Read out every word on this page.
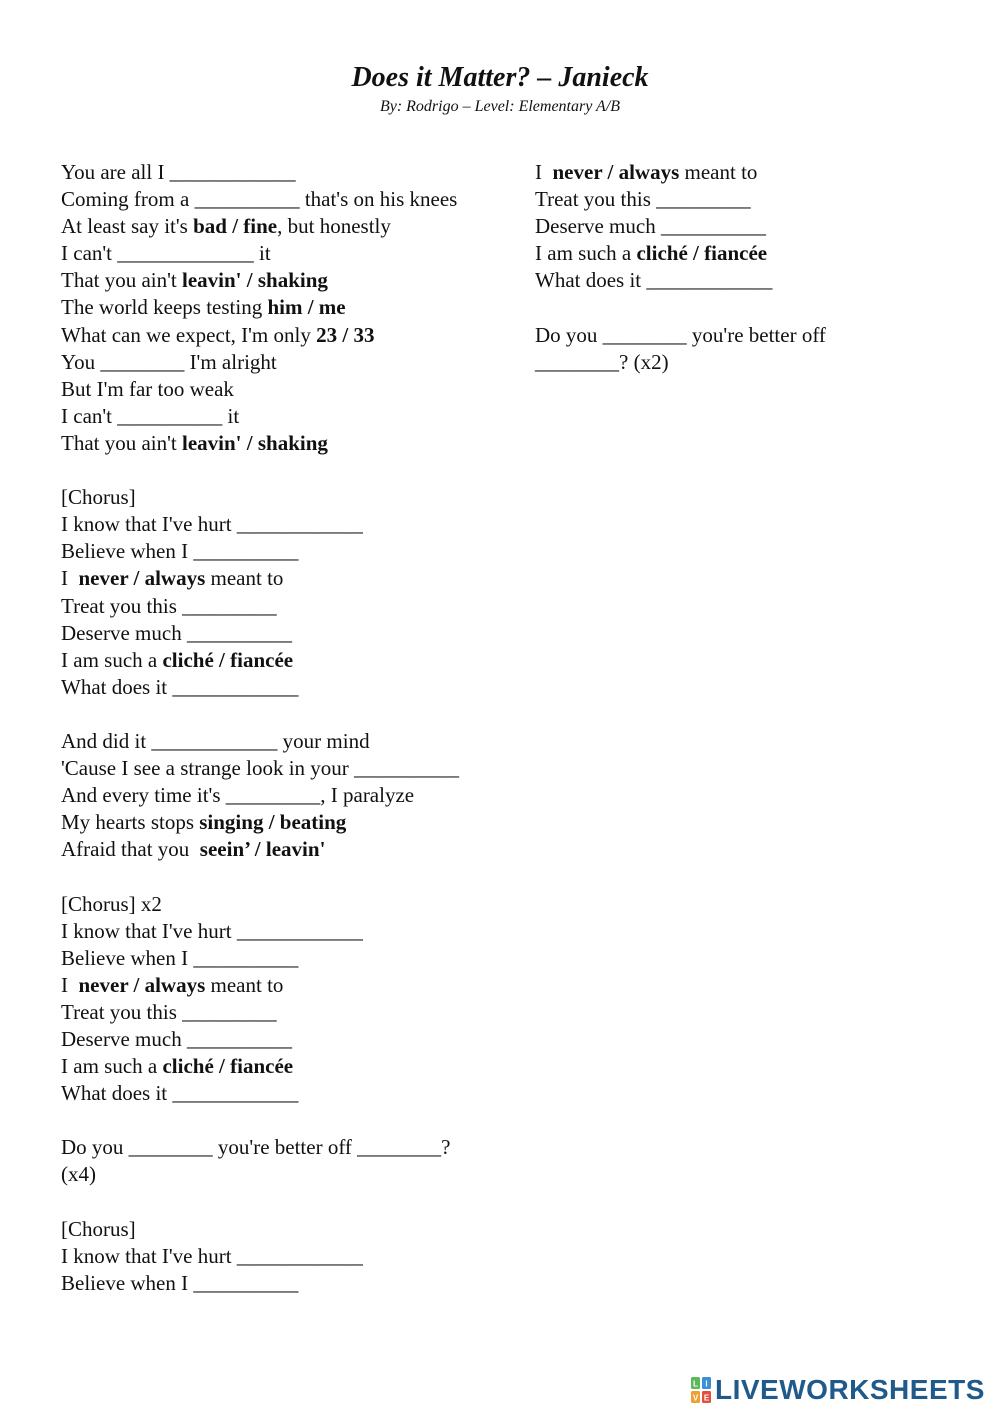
Does it Matter? – Janieck
By: Rodrigo – Level: Elementary A/B
You are all I ____________
Coming from a __________ that's on his knees
At least say it's bad / fine, but honestly
I can't _____________ it
That you ain't leavin' / shaking
The world keeps testing him / me
What can we expect, I'm only 23 / 33
You ________ I'm alright
But I'm far too weak
I can't __________ it
That you ain't leavin' / shaking
[Chorus]
I know that I've hurt ____________
Believe when I __________
I  never / always meant to
Treat you this _________
Deserve much __________
I am such a cliché / fiancée
What does it ____________
And did it ____________ your mind
'Cause I see a strange look in your __________
And every time it's _________, I paralyze
My hearts stops singing / beating
Afraid that you  seein’ / leavin'
[Chorus] x2
I know that I've hurt ____________
Believe when I __________
I  never / always meant to
Treat you this _________
Deserve much __________
I am such a cliché / fiancée
What does it ____________
Do you ________ you're better off ________?
(x4)
[Chorus]
I know that I've hurt ____________
Believe when I __________
I  never / always meant to
Treat you this _________
Deserve much __________
I am such a cliché / fiancée
What does it ____________
Do you ________ you're better off
________? (x2)
L I
V E LIVEWORKSHEETS
